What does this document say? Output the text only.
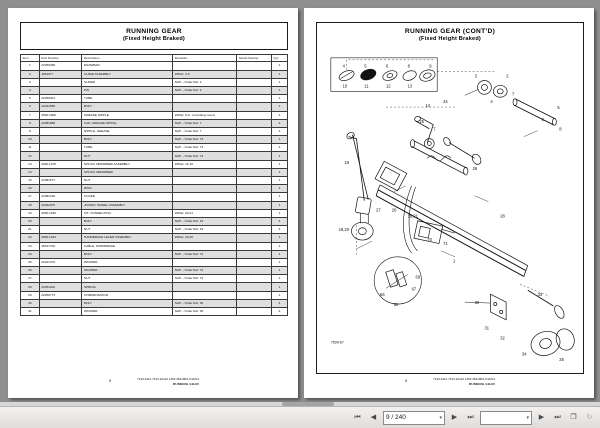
RUNNING GEAR
(Fixed Height Braked)
Item	Part Number	Description	Remarks	Serial Number	Qty
1	22250468	DRAWBAR			1
2	4661077	GUIDE ASSEMBLY	W/Ref. 3-5		1
3		SLIDER	NAP – Order Ref. 2		1
4		PIN	NAP – Order Ref. 2		1
5	22250401	TUBE			1
6	22241558	BOLT			1
7	4660.1900	GREASE NIPPLE	W/Ref. 8-9 - (including cover)		2
8	22081888	CAP, GREASE NIPPLE	NAP – Order Ref. 7		2
9		NIPPLE, GREASE	NAP – Order Ref. 7		2
10		BOLT	NAP – Order Ref. 73		1
11		TUBE	NAP – Order Ref. 73		2
12		NUT	NAP – Order Ref. 73		1
13	4660.1378	SHOCK ABSORBER ASSEMBLY	W/Ref. 14-16		1
14		SHOCK ABSORBER			1
15	22081577	NUT			1
16		RING			1
17	22081318	COVER			1
18	22182075	JOCKEY WHEEL ASSEMBLY			1
19	4660.1490	KIT, CONNECTING	W/Ref. 20-21		1
20		BOLT	NAP – Order Ref. 19		4
21		NUT	NAP – Order Ref. 19		4
22	4660.1463	HANDBRAKE LEVER ASSEMBLY	W/Ref. 23-30		1
23	46517702	CABLE, HANDBRAKE			1
24		BOLT	NAP – Order Ref. 72		1
25	22241376	WASHER			1
26		WASHER	NAP – Order Ref. 72		1
27		NUT	NAP – Order Ref. 72		1
28	22251202	SPRING			1
29	22250773	COMPENSATOR			1
30		BOLT	NAP – Order Ref. 36		4
31		WASHER	NAP – Order Ref. 36		4
5	7133-9113 7133-10110 1450 4641009-0 06/14
RUNNING GEAR
RUNNING GEAR (CONT'D)
(Fixed Height Braked)
1
4	5	6	8	9
10	11	12	13
3	2
7
5
6
8
4
14
24
7
25
26
19
18,20
27	26
19,21
70
71
28
66
68
67
69
30
31
32
33
34
35
7599-67
6	7133-9113 7133-10110 1450 4641009-0 06/14
RUNNING GEAR
⏮	◀	9 / 240	▾	▶	⏭	▾	▶	⏭	❐	↻
